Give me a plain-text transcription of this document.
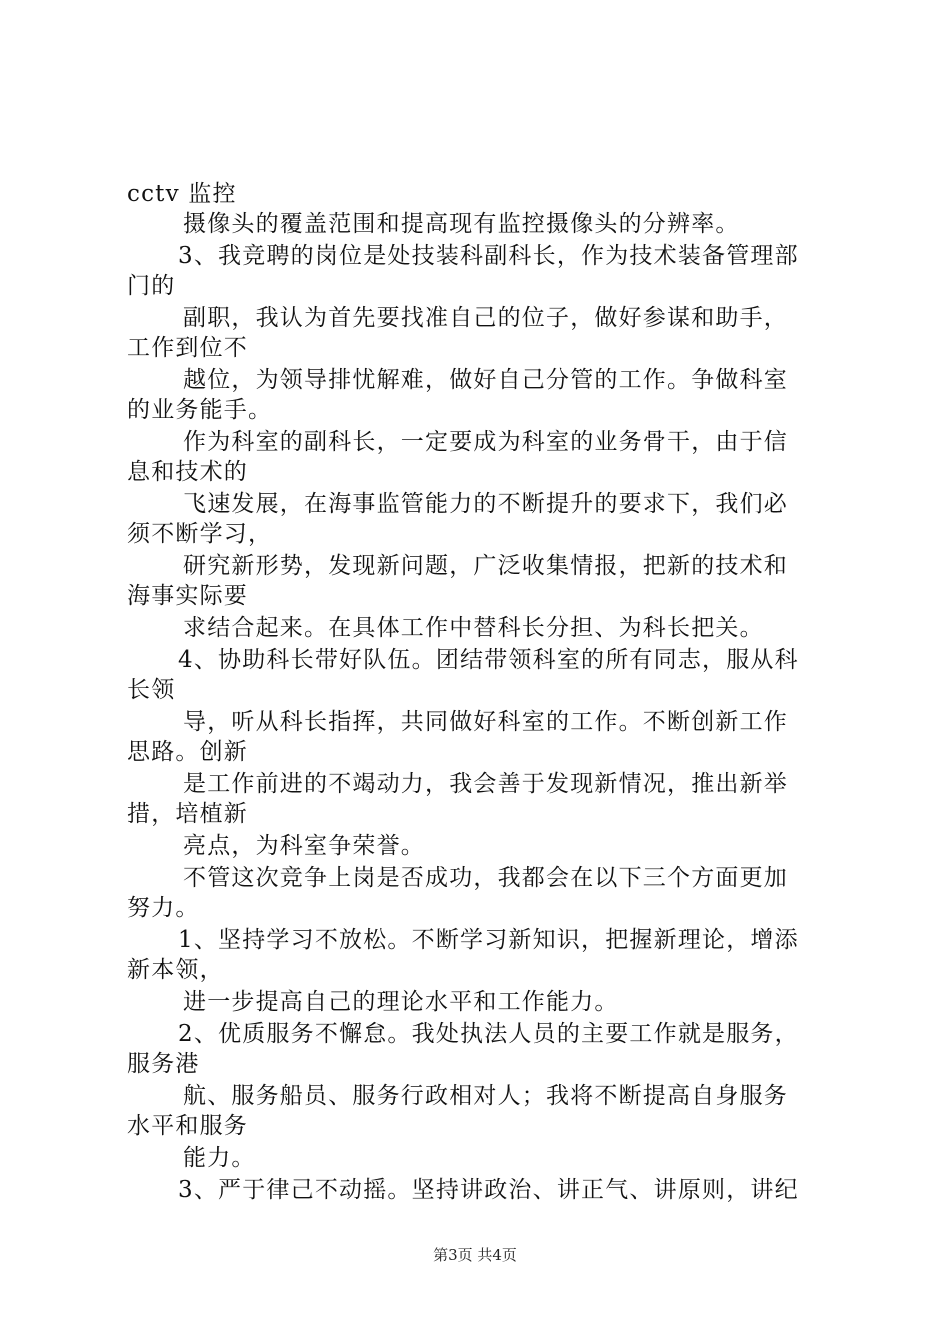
cctv 监控
摄像头的覆盖范围和提高现有监控摄像头的分辨率。
3、我竞聘的岗位是处技装科副科长，作为技术装备管理部
门的
副职，我认为首先要找准自己的位子，做好参谋和助手，
工作到位不
越位，为领导排忧解难，做好自己分管的工作。争做科室
的业务能手。
作为科室的副科长，一定要成为科室的业务骨干，由于信
息和技术的
飞速发展，在海事监管能力的不断提升的要求下，我们必
须不断学习，
研究新形势，发现新问题，广泛收集情报，把新的技术和
海事实际要
求结合起来。在具体工作中替科长分担、为科长把关。
4、协助科长带好队伍。团结带领科室的所有同志，服从科
长领
导，听从科长指挥，共同做好科室的工作。不断创新工作
思路。创新
是工作前进的不竭动力，我会善于发现新情况，推出新举
措，培植新
亮点，为科室争荣誉。
不管这次竞争上岗是否成功，我都会在以下三个方面更加
努力。
1、坚持学习不放松。不断学习新知识，把握新理论，增添
新本领，
进一步提高自己的理论水平和工作能力。
2、优质服务不懈怠。我处执法人员的主要工作就是服务，
服务港
航、服务船员、服务行政相对人；我将不断提高自身服务
水平和服务
能力。
3、严于律己不动摇。坚持讲政治、讲正气、讲原则，讲纪
第3页 共4页
